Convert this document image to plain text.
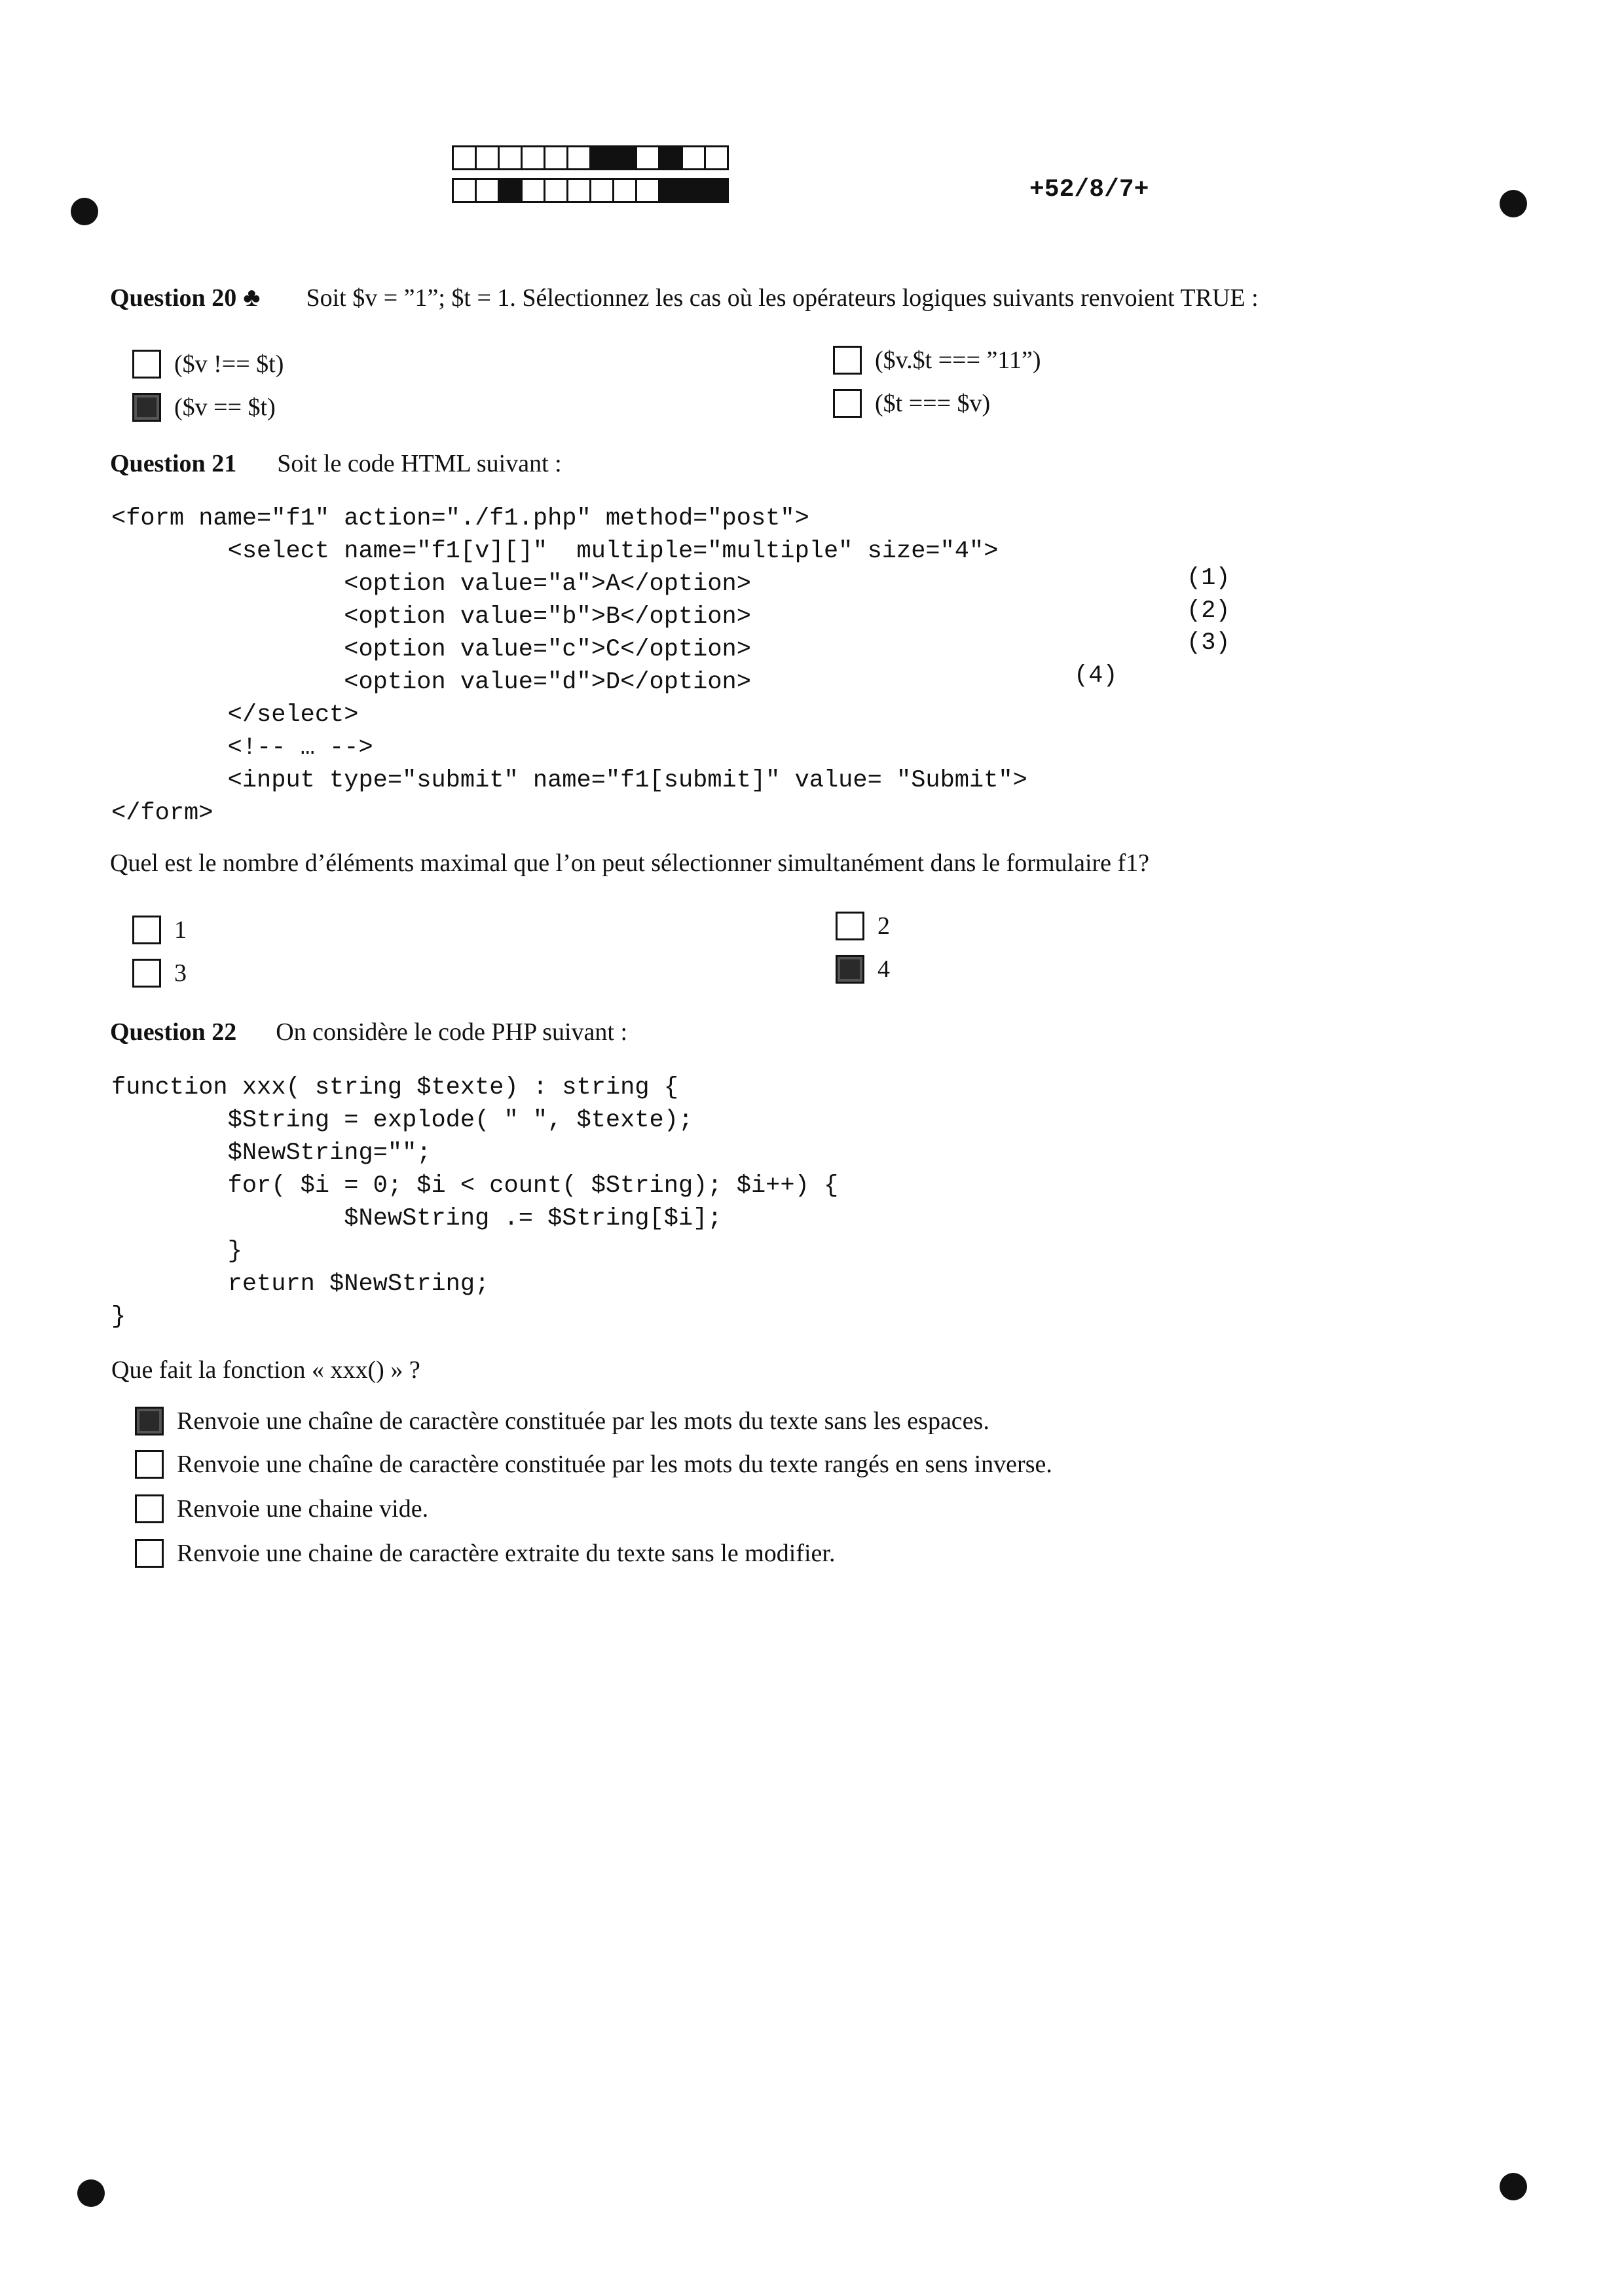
+52/8/7+
Question 20 ♣ Soit $v = ”1”; $t = 1. Sélectionnez les cas où les opérateurs logiques suivants renvoient TRUE :
($v !== $t)	($v.$t === ”11”)
($v == $t)	($t === $v)
Question 21 Soit le code HTML suivant :
<form name="f1" action="./f1.php" method="post">
<select name="f1[v][]"  multiple="multiple" size="4">
<option value="a">A</option>
<option value="b">B</option>
<option value="c">C</option>
<option value="d">D</option>
</select>
<!-- … -->
<input type="submit" name="f1[submit]" value= "Submit">
</form>
(1)
(2)
(3)
(4)
Quel est le nombre d’éléments maximal que l’on peut sélectionner simultanément dans le formulaire f1?
1	2
3	4
Question 22 On considère le code PHP suivant :
function xxx( string $texte) : string {
$String = explode( " ", $texte);
$NewString="";
for( $i = 0; $i < count( $String); $i++) {
$NewString .= $String[$i];
}
return $NewString;
}
Que fait la fonction « xxx() » ?
Renvoie une chaîne de caractère constituée par les mots du texte sans les espaces.
Renvoie une chaîne de caractère constituée par les mots du texte rangés en sens inverse.
Renvoie une chaine vide.
Renvoie une chaine de caractère extraite du texte sans le modifier.
